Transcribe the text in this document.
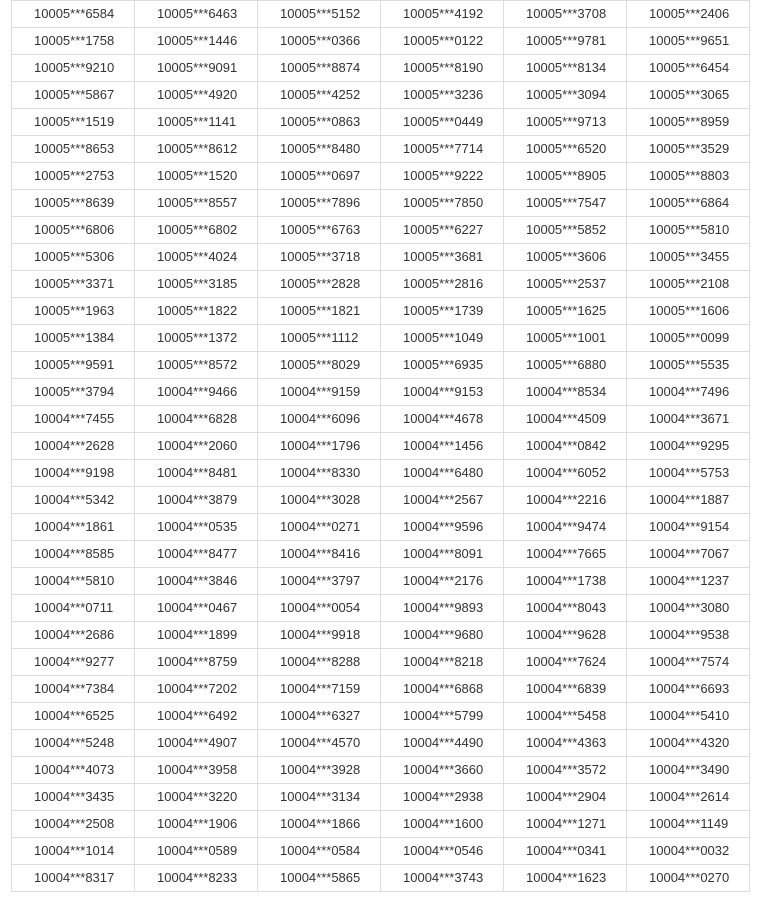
10005***6584	10005***6463	10005***5152	10005***4192	10005***3708	10005***2406
10005***1758	10005***1446	10005***0366	10005***0122	10005***9781	10005***9651
10005***9210	10005***9091	10005***8874	10005***8190	10005***8134	10005***6454
10005***5867	10005***4920	10005***4252	10005***3236	10005***3094	10005***3065
10005***1519	10005***1141	10005***0863	10005***0449	10005***9713	10005***8959
10005***8653	10005***8612	10005***8480	10005***7714	10005***6520	10005***3529
10005***2753	10005***1520	10005***0697	10005***9222	10005***8905	10005***8803
10005***8639	10005***8557	10005***7896	10005***7850	10005***7547	10005***6864
10005***6806	10005***6802	10005***6763	10005***6227	10005***5852	10005***5810
10005***5306	10005***4024	10005***3718	10005***3681	10005***3606	10005***3455
10005***3371	10005***3185	10005***2828	10005***2816	10005***2537	10005***2108
10005***1963	10005***1822	10005***1821	10005***1739	10005***1625	10005***1606
10005***1384	10005***1372	10005***1112	10005***1049	10005***1001	10005***0099
10005***9591	10005***8572	10005***8029	10005***6935	10005***6880	10005***5535
10005***3794	10004***9466	10004***9159	10004***9153	10004***8534	10004***7496
10004***7455	10004***6828	10004***6096	10004***4678	10004***4509	10004***3671
10004***2628	10004***2060	10004***1796	10004***1456	10004***0842	10004***9295
10004***9198	10004***8481	10004***8330	10004***6480	10004***6052	10004***5753
10004***5342	10004***3879	10004***3028	10004***2567	10004***2216	10004***1887
10004***1861	10004***0535	10004***0271	10004***9596	10004***9474	10004***9154
10004***8585	10004***8477	10004***8416	10004***8091	10004***7665	10004***7067
10004***5810	10004***3846	10004***3797	10004***2176	10004***1738	10004***1237
10004***0711	10004***0467	10004***0054	10004***9893	10004***8043	10004***3080
10004***2686	10004***1899	10004***9918	10004***9680	10004***9628	10004***9538
10004***9277	10004***8759	10004***8288	10004***8218	10004***7624	10004***7574
10004***7384	10004***7202	10004***7159	10004***6868	10004***6839	10004***6693
10004***6525	10004***6492	10004***6327	10004***5799	10004***5458	10004***5410
10004***5248	10004***4907	10004***4570	10004***4490	10004***4363	10004***4320
10004***4073	10004***3958	10004***3928	10004***3660	10004***3572	10004***3490
10004***3435	10004***3220	10004***3134	10004***2938	10004***2904	10004***2614
10004***2508	10004***1906	10004***1866	10004***1600	10004***1271	10004***1149
10004***1014	10004***0589	10004***0584	10004***0546	10004***0341	10004***0032
10004***8317	10004***8233	10004***5865	10004***3743	10004***1623	10004***0270
